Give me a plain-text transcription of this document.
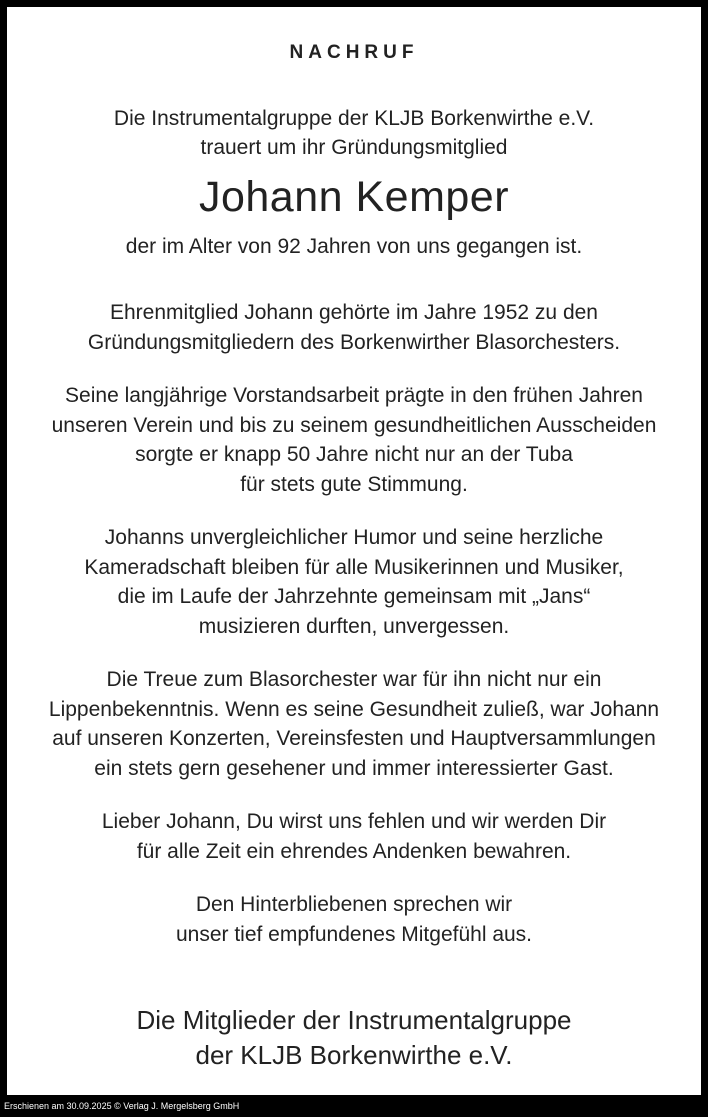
NACHRUF
Die Instrumentalgruppe der KLJB Borkenwirthe e.V.
trauert um ihr Gründungsmitglied
Johann Kemper
der im Alter von 92 Jahren von uns gegangen ist.

Ehrenmitglied Johann gehörte im Jahre 1952 zu den
Gründungsmitgliedern des Borkenwirther Blasorchesters.

Seine langjährige Vorstandsarbeit prägte in den frühen Jahren
unseren Verein und bis zu seinem gesundheitlichen Ausscheiden
sorgte er knapp 50 Jahre nicht nur an der Tuba
für stets gute Stimmung.

Johanns unvergleichlicher Humor und seine herzliche
Kameradschaft bleiben für alle Musikerinnen und Musiker,
die im Laufe der Jahrzehnte gemeinsam mit „Jans“
musizieren durften, unvergessen.

Die Treue zum Blasorchester war für ihn nicht nur ein
Lippenbekenntnis. Wenn es seine Gesundheit zuließ, war Johann
auf unseren Konzerten, Vereinsfesten und Hauptversammlungen
ein stets gern gesehener und immer interessierter Gast.

Lieber Johann, Du wirst uns fehlen und wir werden Dir
für alle Zeit ein ehrendes Andenken bewahren.

Den Hinterbliebenen sprechen wir
unser tief empfundenes Mitgefühl aus.

Die Mitglieder der Instrumentalgruppe
der KLJB Borkenwirthe e.V.
Erschienen am 30.09.2025 © Verlag J. Mergelsberg GmbH
